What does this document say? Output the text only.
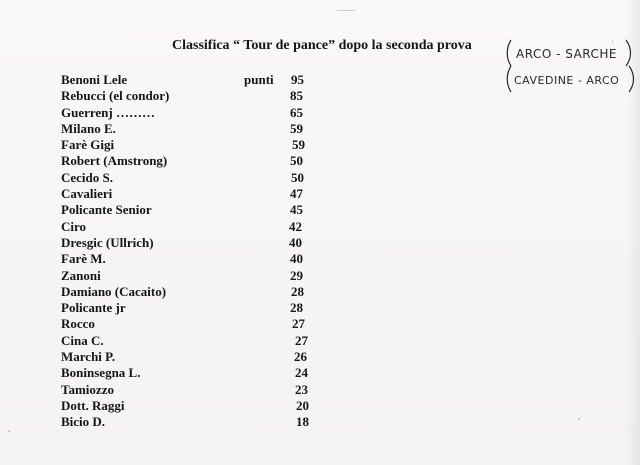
Classifica “ Tour de pance” dopo la seconda prova
ARCO - SARCHE
CAVEDINE - ARCO
Benoni Lele	punti 95
Rebucci (el condor)	85
Guerrenj ………	65
Milano E.	59
Farè Gigi	59
Robert (Amstrong)	50
Cecido S.	50
Cavalieri	47
Policante Senior	45
Ciro	42
Dresgic (Ullrich)	40
Farè M.	40
Zanoni	29
Damiano (Cacaito)	28
Policante jr	28
Rocco	27
Cina C.	27
Marchi P.	26
Boninsegna L.	24
Tamiozzo	23
Dott. Raggi	20
Bicio D.	18
